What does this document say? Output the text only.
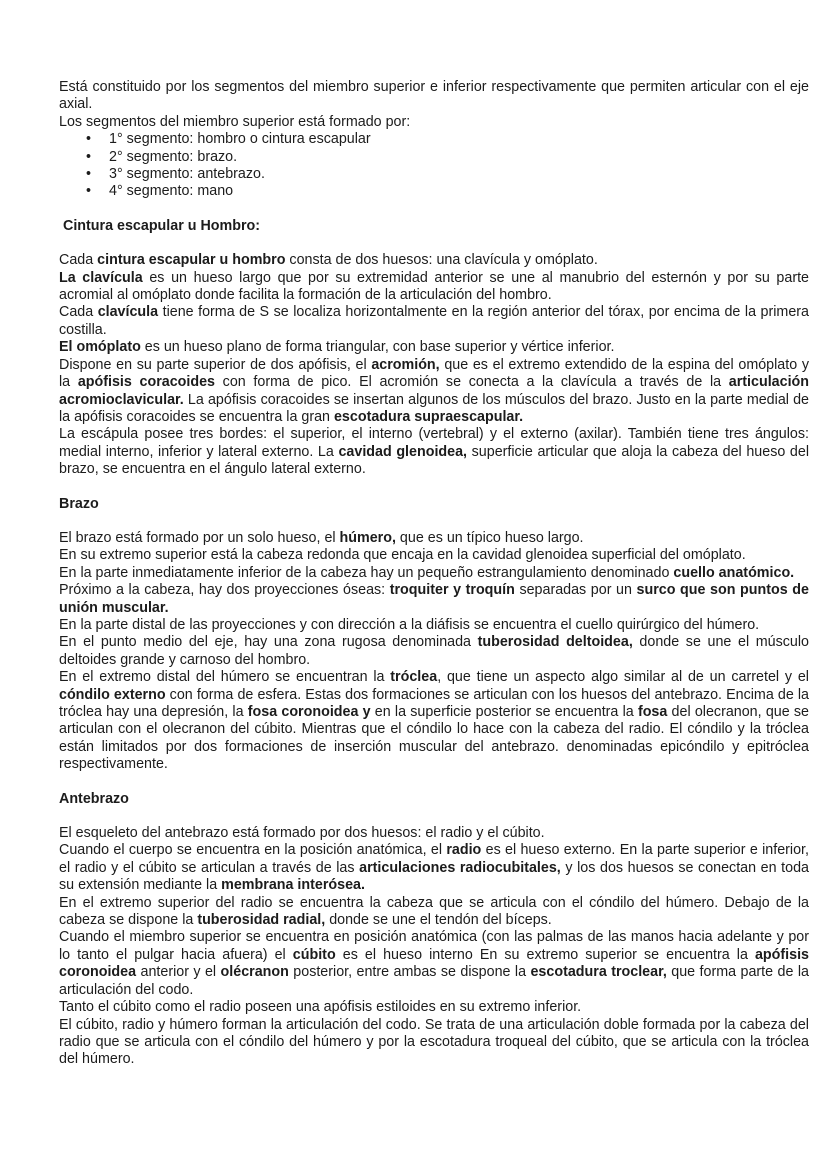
Está constituido por los segmentos del miembro superior e inferior respectivamente que permiten articular con el eje axial.

Los segmentos del miembro superior está formado por:

• 1° segmento: hombro o cintura escapular
• 2° segmento: brazo.
• 3° segmento: antebrazo.
• 4° segmento: mano
Cintura escapular u Hombro:

Cada cintura escapular u hombro consta de dos huesos: una clavícula y omóplato.

La clavícula es un hueso largo que por su extremidad anterior se une al manubrio del esternón y por su parte acromial al omóplato donde facilita la formación de la articulación del hombro.

Cada clavícula tiene forma de S se localiza horizontalmente en la región anterior del tórax, por encima de la primera costilla.

El omóplato es un hueso plano de forma triangular, con base superior y vértice inferior.

Dispone en su parte superior de dos apófisis, el acromión, que es el extremo extendido de la espina del omóplato y la apófisis coracoides con forma de pico. El acromión se conecta a la clavícula a través de la articulación acromioclavicular. La apófisis coracoides se insertan algunos de los músculos del brazo. Justo en la parte medial de la apófisis coracoides se encuentra la gran escotadura supraescapular.

La escápula posee tres bordes: el superior, el interno (vertebral) y el externo (axilar). También tiene tres ángulos: medial interno, inferior y lateral externo. La cavidad glenoidea, superficie articular que aloja la cabeza del hueso del brazo, se encuentra en el ángulo lateral externo.

Brazo

El brazo está formado por un solo hueso, el húmero, que es un típico hueso largo.

En su extremo superior está la cabeza redonda que encaja en la cavidad glenoidea superficial del omóplato.

En la parte inmediatamente inferior de la cabeza hay un pequeño estrangulamiento denominado cuello anatómico.

Próximo a la cabeza, hay dos proyecciones óseas: troquiter y troquín separadas por un surco que son puntos de unión muscular.

En la parte distal de las proyecciones y con dirección a la diáfisis se encuentra el cuello quirúrgico del húmero.

En el punto medio del eje, hay una zona rugosa denominada tuberosidad deltoidea, donde se une el músculo deltoides grande y carnoso del hombro.

En el extremo distal del húmero se encuentran la tróclea, que tiene un aspecto algo similar al de un carretel y el cóndilo externo con forma de esfera. Estas dos formaciones se articulan con los huesos del antebrazo. Encima de la tróclea hay una depresión, la fosa coronoidea y en la superficie posterior se encuentra la fosa del olecranon, que se articulan con el olecranon del cúbito. Mientras que el cóndilo lo hace con la cabeza del radio. El cóndilo y la tróclea están limitados por dos formaciones de inserción muscular del antebrazo. denominadas epicóndilo y epitróclea respectivamente.

Antebrazo

El esqueleto del antebrazo está formado por dos huesos: el radio y el cúbito.

Cuando el cuerpo se encuentra en la posición anatómica, el radio es el hueso externo. En la parte superior e inferior, el radio y el cúbito se articulan a través de las articulaciones radiocubitales, y los dos huesos se conectan en toda su extensión mediante la membrana interósea.

En el extremo superior del radio se encuentra la cabeza que se articula con el cóndilo del húmero. Debajo de la cabeza se dispone la tuberosidad radial, donde se une el tendón del bíceps.

Cuando el miembro superior se encuentra en posición anatómica (con las palmas de las manos hacia adelante y por lo tanto el pulgar hacia afuera) el cúbito es el hueso interno En su extremo superior se encuentra la apófisis coronoidea anterior y el olécranon posterior, entre ambas se dispone la escotadura troclear, que forma parte de la articulación del codo.

Tanto el cúbito como el radio poseen una apófisis estiloides en su extremo inferior.

El cúbito, radio y húmero forman la articulación del codo. Se trata de una articulación doble formada por la cabeza del radio que se articula con el cóndilo del húmero y por la escotadura troqueal del cúbito, que se articula con la tróclea del húmero.
